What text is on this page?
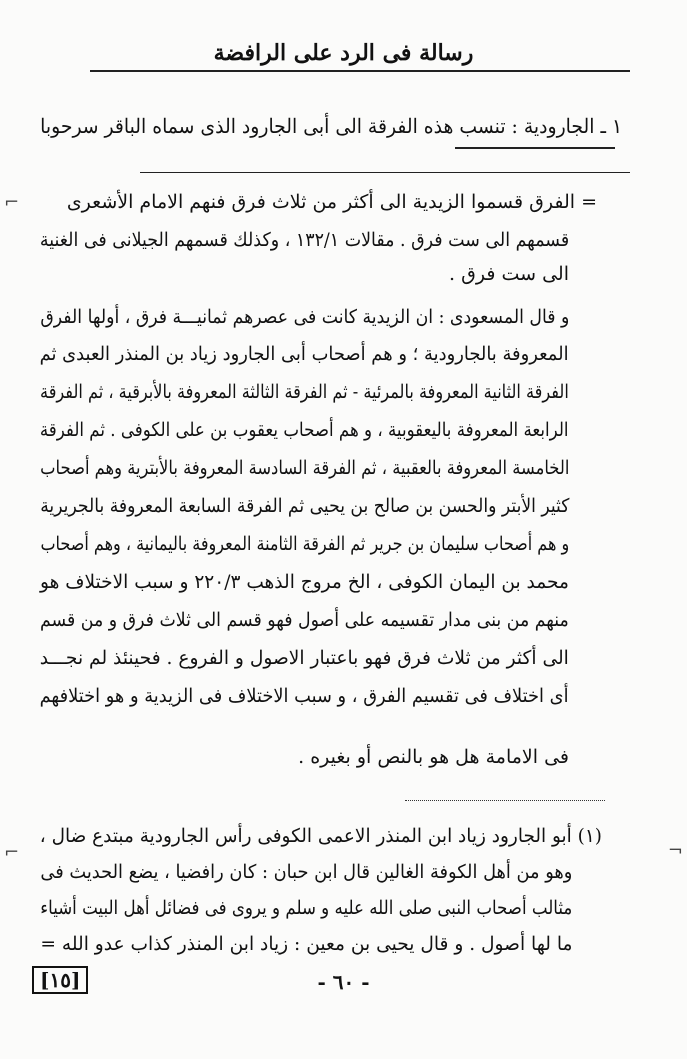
رسالة فى الرد على الرافضة
١ ـ الجارودية : تنسب هذه الفرقة الى أبى الجارود الذى سماه الباقر سرحوبا
⌐
⌐	¬
= الفرق قسموا الزيدية الى أكثر من ثلاث فرق فنهم الامام الأشعرى
قسمهم الى ست فرق . مقالات ١٣٢/١ ، وكذلك قسمهم الجيلانى فى الغنية
الى ست فرق .
و قال المسعودى : ان الزيدية كانت فى عصرهم ثمانيـــة فرق ، أولها الفرق
المعروفة بالجارودية ؛ و هم أصحاب أبى الجارود زياد بن المنذر العبدى ثم
الفرقة الثانية المعروفة بالمرئية - ثم الفرقة الثالثة المعروفة بالأبرقية ، ثم الفرقة
الرابعة المعروفة باليعقوبية ، و هم أصحاب يعقوب بن على الكوفى . ثم الفرقة
الخامسة المعروفة بالعقبية ، ثم الفرقة السادسة المعروفة بالأبترية وهم أصحاب
كثير الأبتر والحسن بن صالح بن يحيى ثم الفرقة السابعة المعروفة بالجريرية
و هم أصحاب سليمان بن جرير ثم الفرقة الثامنة المعروفة باليمانية ، وهم أصحاب
محمد بن اليمان الكوفى ، الخ مروج الذهب ٢٢٠/٣ و سبب الاختلاف هو
منهم من بنى مدار تقسيمه على أصول فهو قسم الى ثلاث فرق و من قسم
الى أكثر من ثلاث فرق فهو باعتبار الاصول و الفروع . فحينئذ لم نجـــد
أى اختلاف فى تقسيم الفرق ، و سبب الاختلاف فى الزيدية و هو اختلافهم
فى الامامة هل هو بالنص أو بغيره .
(١) أبو الجارود زياد ابن المنذر الاعمى الكوفى رأس الجارودية مبتدع ضال ،
وهو من أهل الكوفة الغالين قال ابن حبان : كان رافضيا ، يضع الحديث فى
مثالب أصحاب النبى صلى الله عليه و سلم و يروى فى فضائل أهل البيت أشياء
ما لها أصول . و قال يحيى بن معين : زياد ابن المنذر كذاب عدو الله =
- ٦٠ -
[١٥]
